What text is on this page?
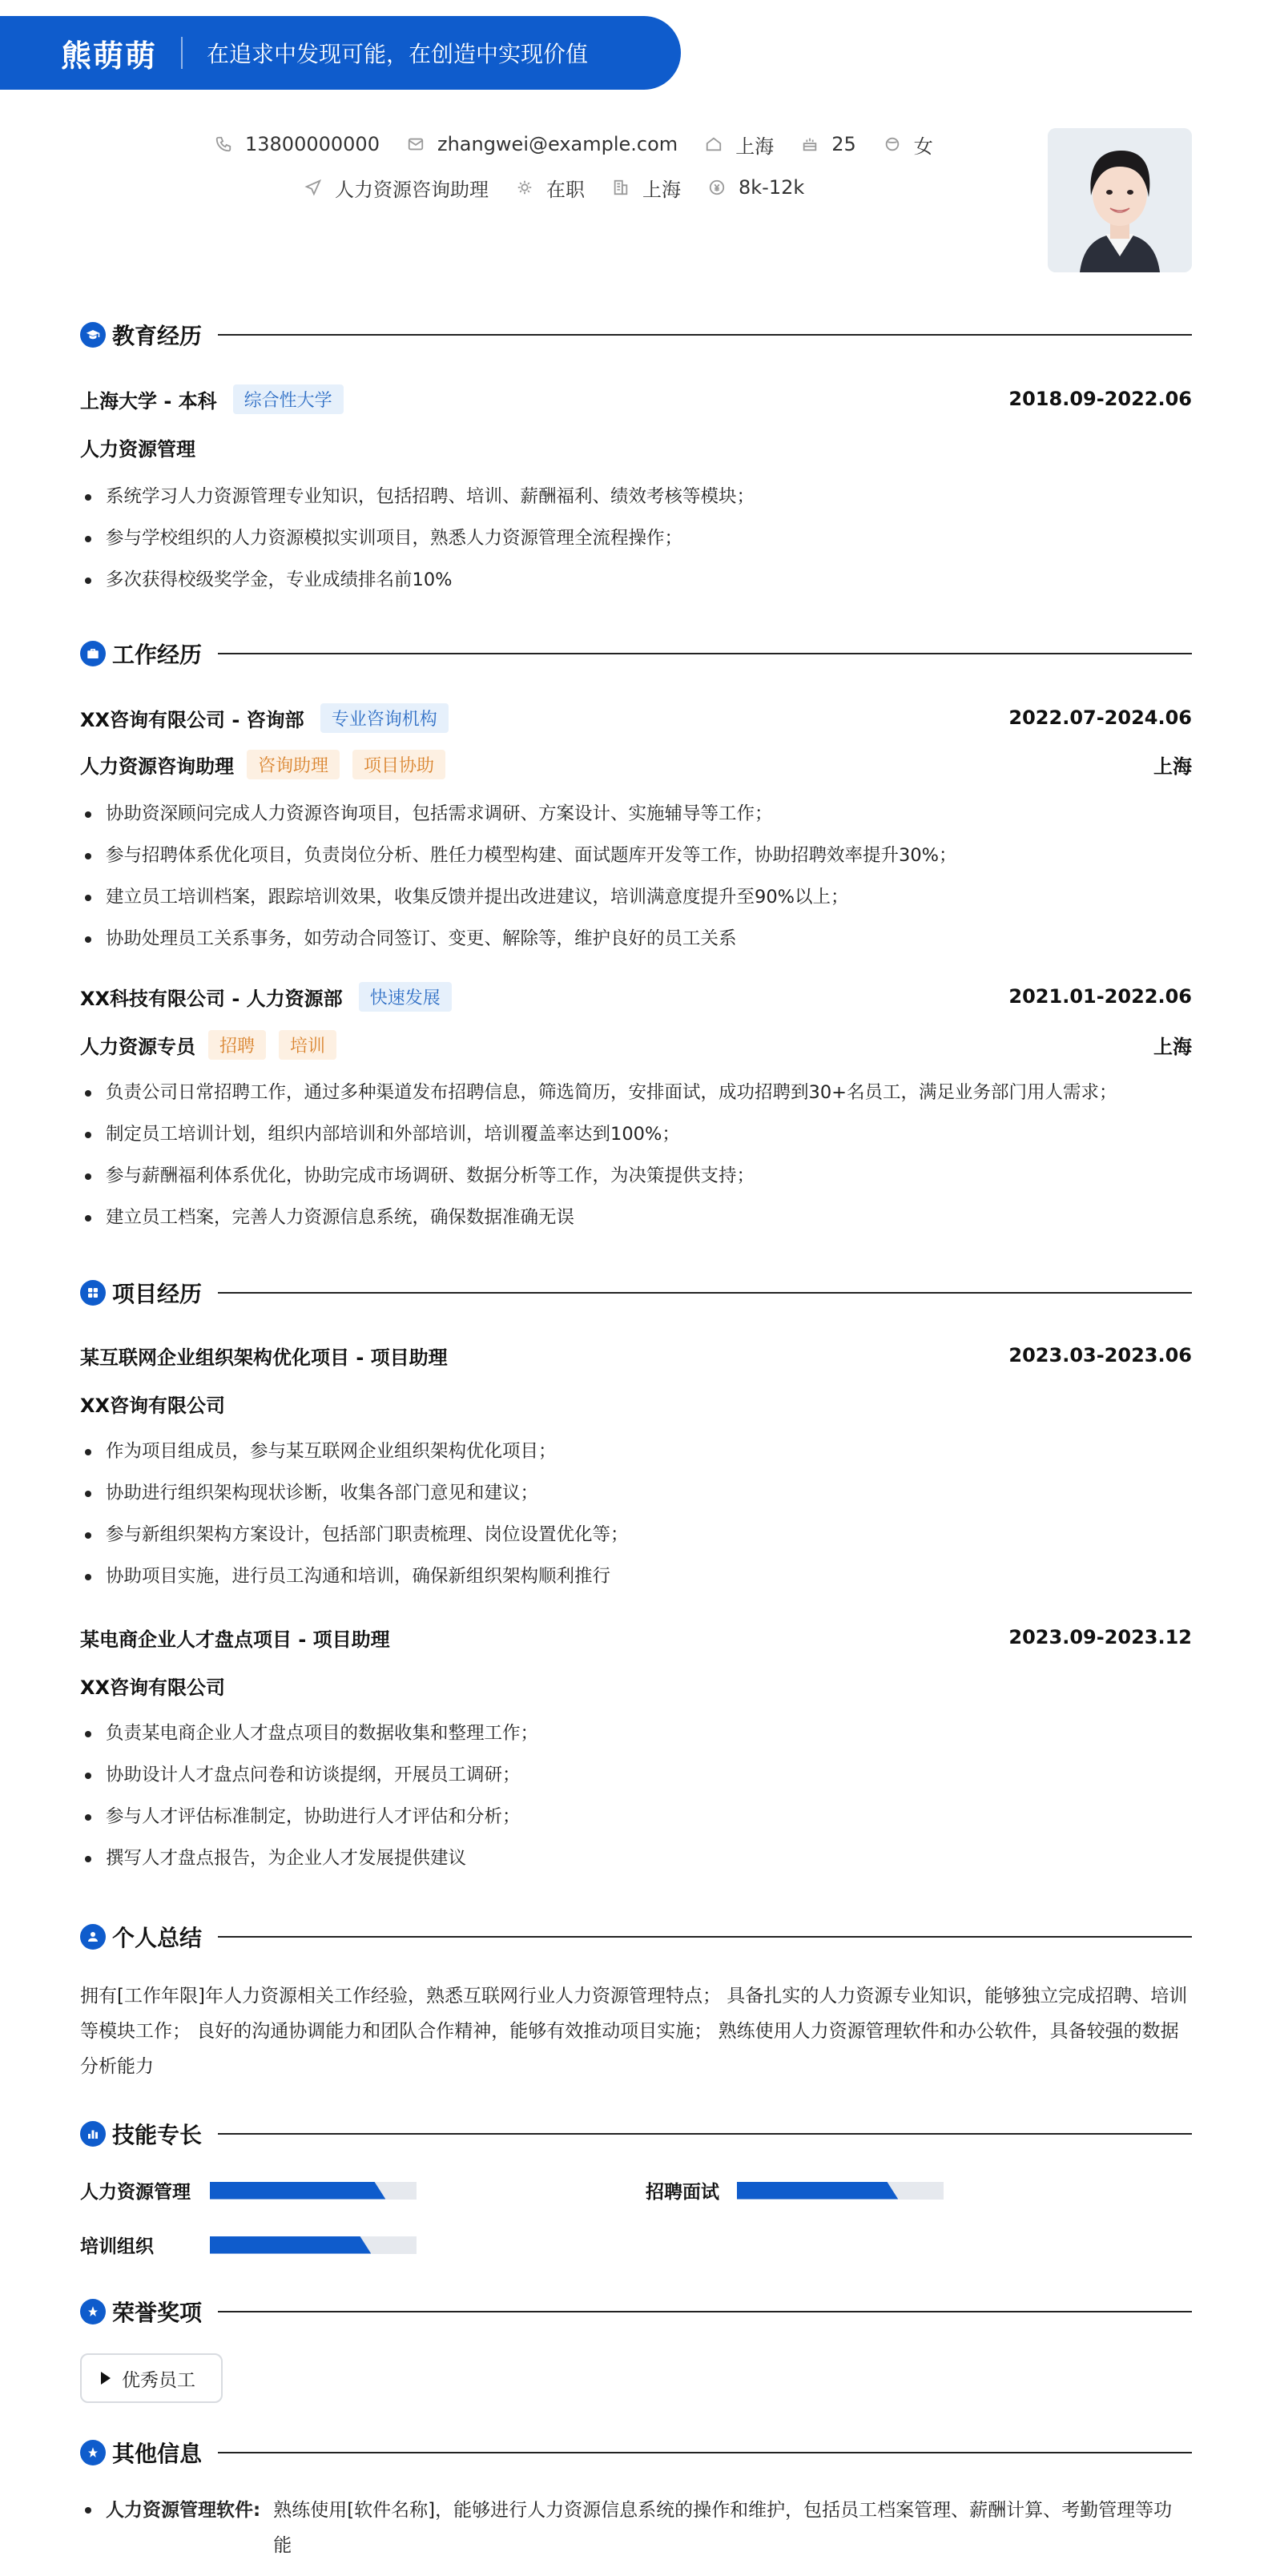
熊萌萌 在追求中发现可能，在创造中实现价值
13800000000	zhangwei@example.com	上海	25	女
人力资源咨询助理	在职	上海	8k-12k
教育经历
上海大学 - 本科	综合性大学	2018.09-2022.06
人力资源管理
系统学习人力资源管理专业知识，包括招聘、培训、薪酬福利、绩效考核等模块；
参与学校组织的人力资源模拟实训项目，熟悉人力资源管理全流程操作；
多次获得校级奖学金，专业成绩排名前10%
工作经历
XX咨询有限公司 - 咨询部	专业咨询机构	2022.07-2024.06
人力资源咨询助理	咨询助理	项目协助	上海
协助资深顾问完成人力资源咨询项目，包括需求调研、方案设计、实施辅导等工作；
参与招聘体系优化项目，负责岗位分析、胜任力模型构建、面试题库开发等工作，协助招聘效率提升30%；
建立员工培训档案，跟踪培训效果，收集反馈并提出改进建议，培训满意度提升至90%以上；
协助处理员工关系事务，如劳动合同签订、变更、解除等，维护良好的员工关系
XX科技有限公司 - 人力资源部	快速发展	2021.01-2022.06
人力资源专员	招聘	培训	上海
负责公司日常招聘工作，通过多种渠道发布招聘信息，筛选简历，安排面试，成功招聘到30+名员工，满足业务部门用人需求；
制定员工培训计划，组织内部培训和外部培训，培训覆盖率达到100%；
参与薪酬福利体系优化，协助完成市场调研、数据分析等工作，为决策提供支持；
建立员工档案，完善人力资源信息系统，确保数据准确无误
项目经历
某互联网企业组织架构优化项目 - 项目助理	2023.03-2023.06
XX咨询有限公司
作为项目组成员，参与某互联网企业组织架构优化项目；
协助进行组织架构现状诊断，收集各部门意见和建议；
参与新组织架构方案设计，包括部门职责梳理、岗位设置优化等；
协助项目实施，进行员工沟通和培训，确保新组织架构顺利推行
某电商企业人才盘点项目 - 项目助理	2023.09-2023.12
XX咨询有限公司
负责某电商企业人才盘点项目的数据收集和整理工作；
协助设计人才盘点问卷和访谈提纲，开展员工调研；
参与人才评估标准制定，协助进行人才评估和分析；
撰写人才盘点报告，为企业人才发展提供建议
个人总结
拥有[工作年限]年人力资源相关工作经验，熟悉互联网行业人力资源管理特点； 具备扎实的人力资源专业知识，能够独立完成招聘、培训等模块工作； 良好的沟通协调能力和团队合作精神，能够有效推动项目实施； 熟练使用人力资源管理软件和办公软件，具备较强的数据分析能力
技能专长
人力资源管理	招聘面试
培训组织
荣誉奖项
优秀员工
其他信息
人力资源管理软件: 熟练使用[软件名称]，能够进行人力资源信息系统的操作和维护，包括员工档案管理、薪酬计算、考勤管理等功能
